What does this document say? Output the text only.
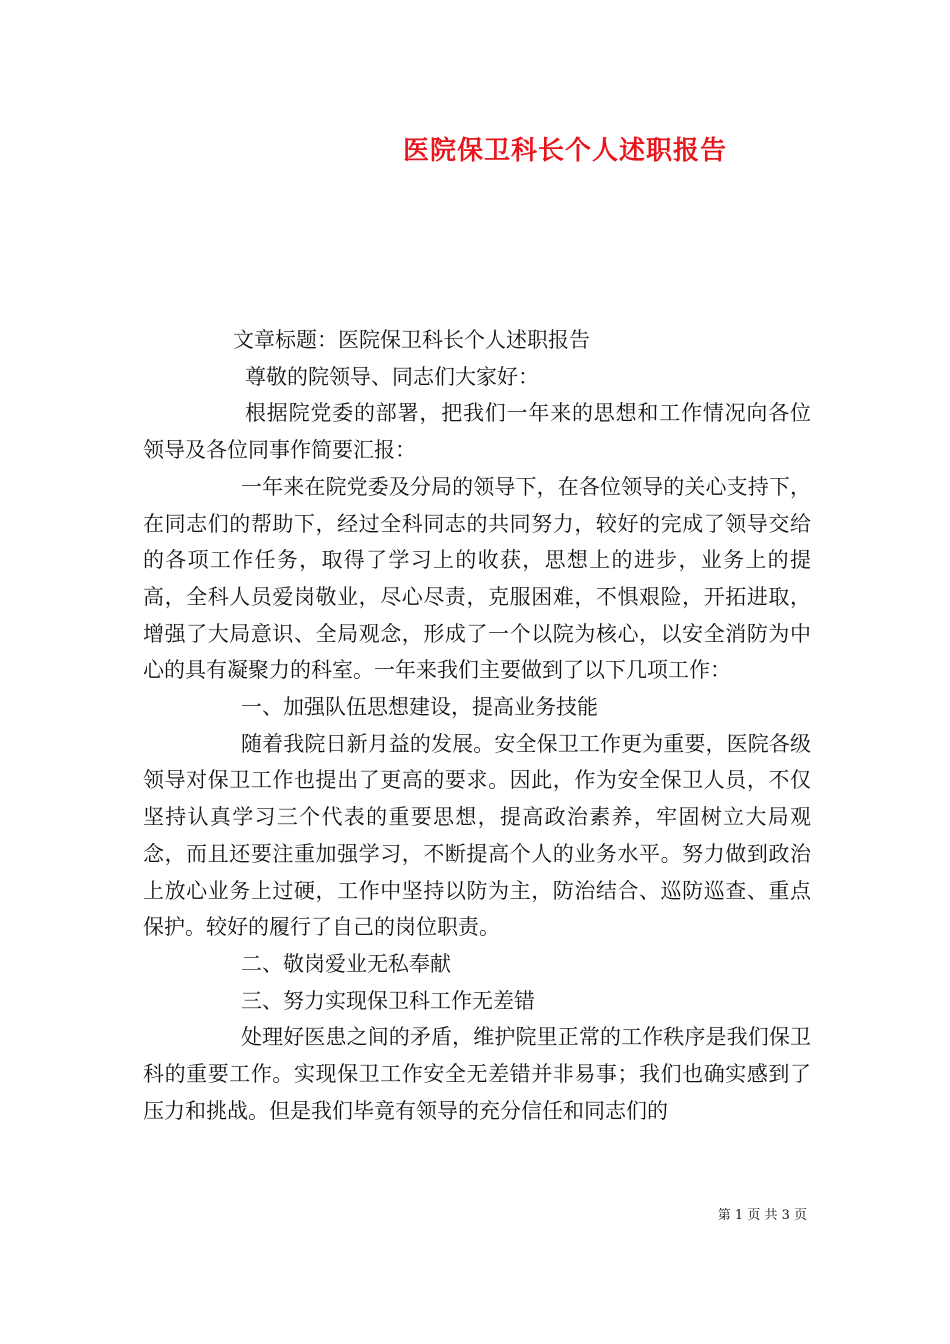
医院保卫科长个人述职报告

文章标题：医院保卫科长个人述职报告

尊敬的院领导、同志们大家好：

根据院党委的部署，把我们一年来的思想和工作情况向各位领导及各位同事作简要汇报：

一年来在院党委及分局的领导下，在各位领导的关心支持下，在同志们的帮助下，经过全科同志的共同努力，较好的完成了领导交给的各项工作任务，取得了学习上的收获，思想上的进步，业务上的提高，全科人员爱岗敬业，尽心尽责，克服困难，不惧艰险，开拓进取，增强了大局意识、全局观念，形成了一个以院为核心，以安全消防为中心的具有凝聚力的科室。一年来我们主要做到了以下几项工作：

一、加强队伍思想建设，提高业务技能

随着我院日新月益的发展。安全保卫工作更为重要，医院各级领导对保卫工作也提出了更高的要求。因此，作为安全保卫人员，不仅坚持认真学习三个代表的重要思想，提高政治素养，牢固树立大局观念，而且还要注重加强学习，不断提高个人的业务水平。努力做到政治上放心业务上过硬，工作中坚持以防为主，防治结合、巡防巡查、重点保护。较好的履行了自己的岗位职责。

二、敬岗爱业无私奉献

三、努力实现保卫科工作无差错

处理好医患之间的矛盾，维护院里正常的工作秩序是我们保卫科的重要工作。实现保卫工作安全无差错并非易事；我们也确实感到了压力和挑战。但是我们毕竟有领导的充分信任和同志们的

第 1 页 共 3 页
